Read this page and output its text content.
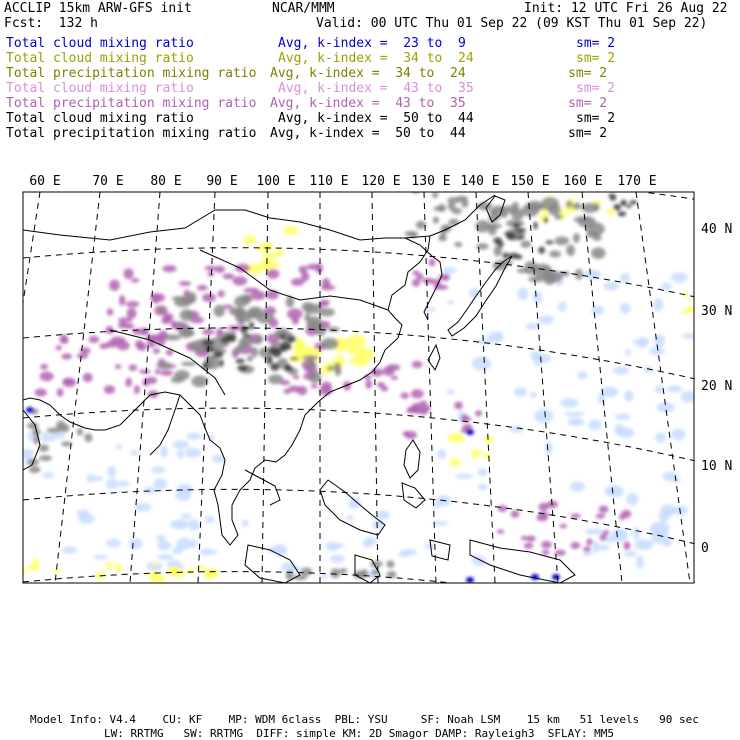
ACCLIP 15km ARW-GFS init	NCAR/MMM	Init: 12 UTC Fri 26 Aug 22
Fcst:  132 h	Valid: 00 UTC Thu 01 Sep 22 (09 KST Thu 01 Sep 22)
Total cloud mixing ratio	Avg, k-index =  23 to  9	sm= 2
Total cloud mixing ratio	Avg, k-index =  34 to  24	sm= 2
Total precipitation mixing ratio Avg, k-index =  34 to  24	sm= 2
Total cloud mixing ratio	Avg, k-index =  43 to  35	sm= 2
Total precipitation mixing ratio Avg, k-index =  43 to  35	sm= 2
Total cloud mixing ratio	Avg, k-index =  50 to  44	sm= 2
Total precipitation mixing ratio Avg, k-index =  50 to  44	sm= 2
60 E 70 E 80 E 90 E 100 E 110 E 120 E 130 E 140 E 150 E 160 E 170 E
40 N
30 N
20 N
10 N
0
Model Info: V4.4    CU: KF    MP: WDM 6class  PBL: YSU     SF: Noah LSM    15 km   51 levels   90 sec
LW: RRTMG   SW: RRTMG  DIFF: simple KM: 2D Smagor DAMP: Rayleigh3  SFLAY: MM5
